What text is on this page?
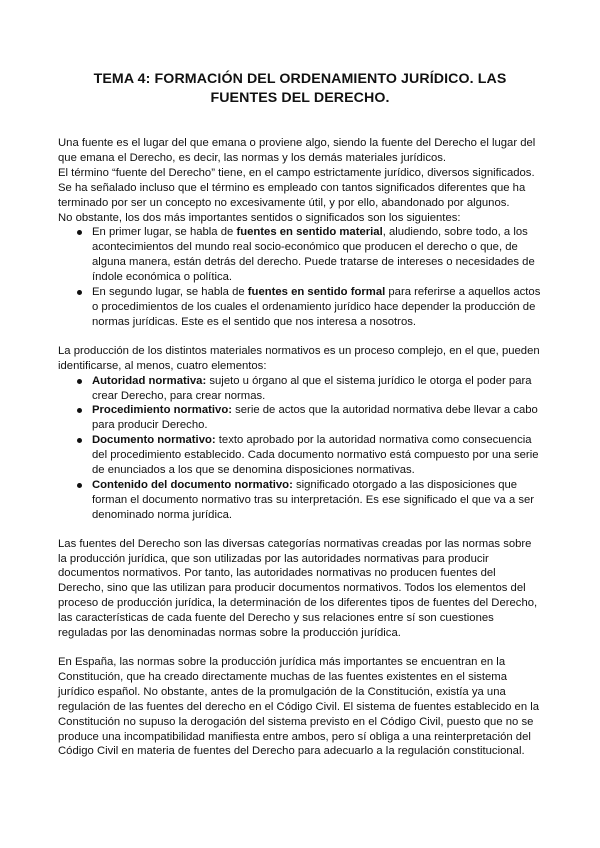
TEMA 4: FORMACIÓN DEL ORDENAMIENTO JURÍDICO. LAS FUENTES DEL DERECHO.

Una fuente es el lugar del que emana o proviene algo, siendo la fuente del Derecho el lugar del que emana el Derecho, es decir, las normas y los demás materiales jurídicos.

El término “fuente del Derecho” tiene, en el campo estrictamente jurídico, diversos significados. Se ha señalado incluso que el término es empleado con tantos significados diferentes que ha terminado por ser un concepto no excesivamente útil, y por ello, abandonado por algunos.

No obstante, los dos más importantes sentidos o significados son los siguientes:

En primer lugar, se habla de fuentes en sentido material, aludiendo, sobre todo, a los acontecimientos del mundo real socio-económico que producen el derecho o que, de alguna manera, están detrás del derecho. Puede tratarse de intereses o necesidades de índole económica o política.
En segundo lugar, se habla de fuentes en sentido formal para referirse a aquellos actos o procedimientos de los cuales el ordenamiento jurídico hace depender la producción de normas jurídicas. Este es el sentido que nos interesa a nosotros.

La producción de los distintos materiales normativos es un proceso complejo, en el que, pueden identificarse, al menos, cuatro elementos:

Autoridad normativa: sujeto u órgano al que el sistema jurídico le otorga el poder para crear Derecho, para crear normas.
Procedimiento normativo: serie de actos que la autoridad normativa debe llevar a cabo para producir Derecho.
Documento normativo: texto aprobado por la autoridad normativa como consecuencia del procedimiento establecido. Cada documento normativo está compuesto por una serie de enunciados a los que se denomina disposiciones normativas.
Contenido del documento normativo: significado otorgado a las disposiciones que forman el documento normativo tras su interpretación. Es ese significado el que va a ser denominado norma jurídica.

Las fuentes del Derecho son las diversas categorías normativas creadas por las normas sobre la producción jurídica, que son utilizadas por las autoridades normativas para producir documentos normativos. Por tanto, las autoridades normativas no producen fuentes del Derecho, sino que las utilizan para producir documentos normativos. Todos los elementos del proceso de producción jurídica, la determinación de los diferentes tipos de fuentes del Derecho, las características de cada fuente del Derecho y sus relaciones entre sí son cuestiones reguladas por las denominadas normas sobre la producción jurídica.

En España, las normas sobre la producción jurídica más importantes se encuentran en la Constitución, que ha creado directamente muchas de las fuentes existentes en el sistema jurídico español. No obstante, antes de la promulgación de la Constitución, existía ya una regulación de las fuentes del derecho en el Código Civil. El sistema de fuentes establecido en la Constitución no supuso la derogación del sistema previsto en el Código Civil, puesto que no se produce una incompatibilidad manifiesta entre ambos, pero sí obliga a una reinterpretación del Código Civil en materia de fuentes del Derecho para adecuarlo a la regulación constitucional.
